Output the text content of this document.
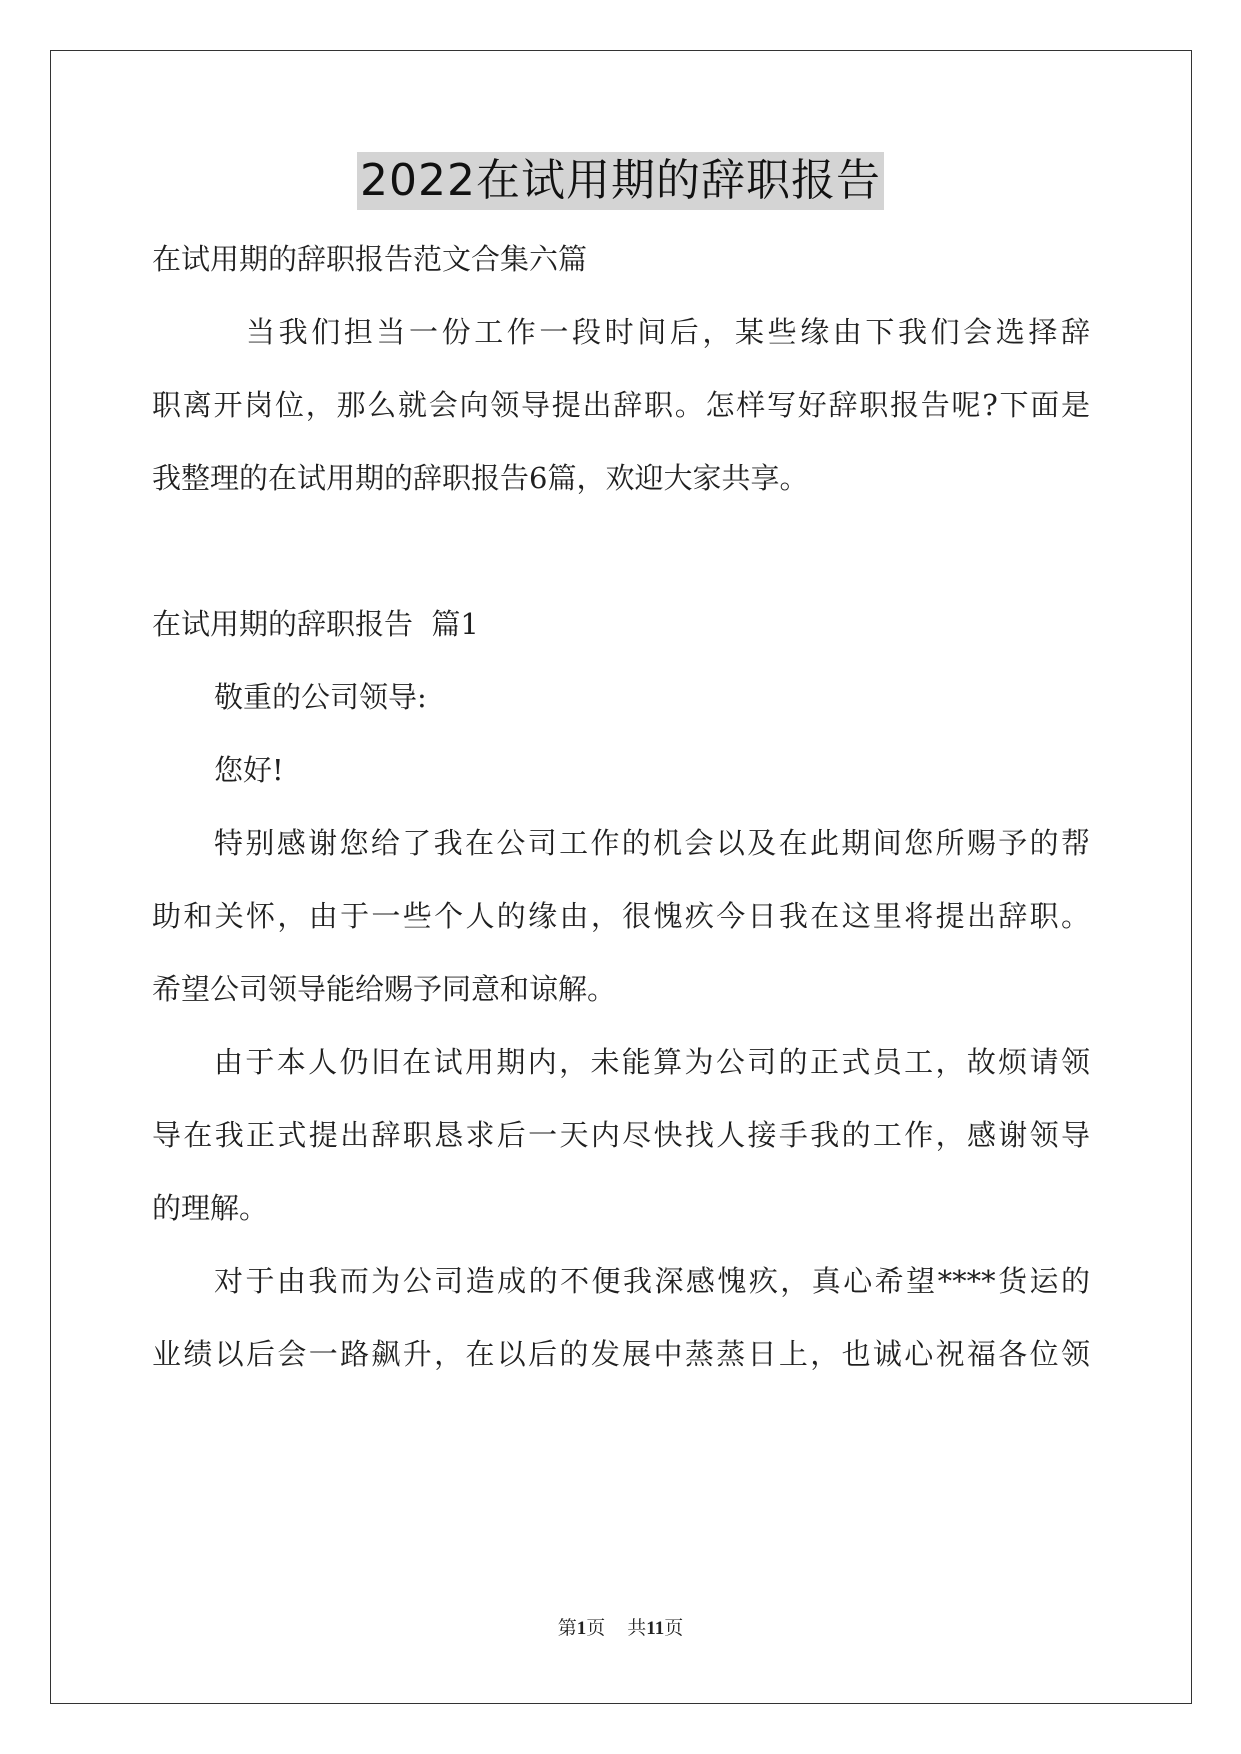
2022在试用期的辞职报告
在试用期的辞职报告范文合集六篇
当我们担当一份工作一段时间后，某些缘由下我们会选择辞
职离开岗位，那么就会向领导提出辞职。怎样写好辞职报告呢?下面是
我整理的在试用期的辞职报告6篇，欢迎大家共享。
在试用期的辞职报告  篇1
敬重的公司领导:
您好!
特别感谢您给了我在公司工作的机会以及在此期间您所赐予的帮
助和关怀，由于一些个人的缘由，很愧疚今日我在这里将提出辞职。
希望公司领导能给赐予同意和谅解。
由于本人仍旧在试用期内，未能算为公司的正式员工，故烦请领
导在我正式提出辞职恳求后一天内尽快找人接手我的工作，感谢领导
的理解。
对于由我而为公司造成的不便我深感愧疚，真心希望****货运的
业绩以后会一路飙升，在以后的发展中蒸蒸日上，也诚心祝福各位领
第1页 共11页
